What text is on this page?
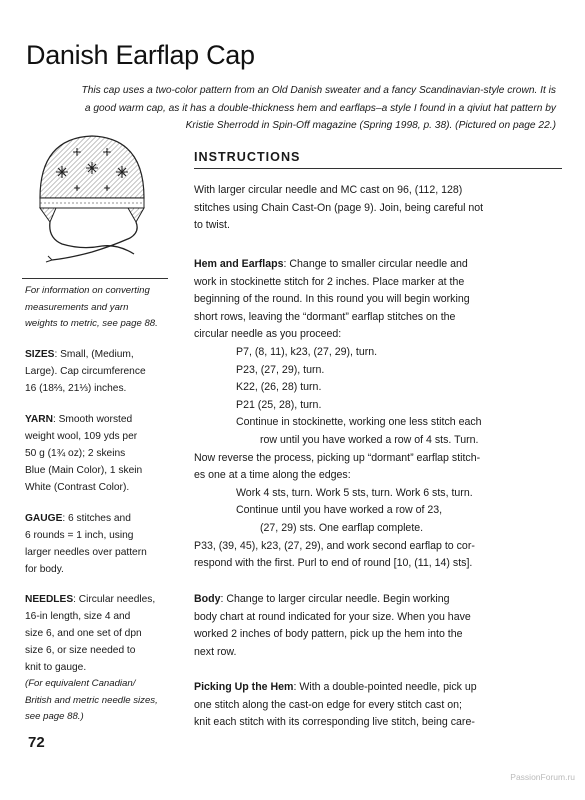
Danish Earflap Cap
This cap uses a two-color pattern from an Old Danish sweater and a fancy Scandinavian-style crown. It is
a good warm cap, as it has a double-thickness hem and earflaps–a style I found in a qiviut hat pattern by
Kristie Sherrodd in Spin-Off magazine (Spring 1998, p. 38). (Pictured on page 22.)
For information on converting
measurements and yarn
weights to metric, see page 88.
SIZES: Small, (Medium,
Large). Cap circumference
16 (18⅔, 21⅓) inches.
YARN: Smooth worsted
weight wool, 109 yds per
50 g (1¾ oz); 2 skeins
Blue (Main Color), 1 skein
White (Contrast Color).
GAUGE: 6 stitches and
6 rounds = 1 inch, using
larger needles over pattern
for body.
NEEDLES: Circular needles,
16-in length, size 4 and
size 6, and one set of dpn
size 6, or size needed to
knit to gauge.
(For equivalent Canadian/
British and metric needle sizes,
see page 88.)
INSTRUCTIONS
With larger circular needle and MC cast on 96, (112, 128)
stitches using Chain Cast-On (page 9). Join, being careful not
to twist.
Hem and Earflaps: Change to smaller circular needle and
work in stockinette stitch for 2 inches. Place marker at the
beginning of the round. In this round you will begin working
short rows, leaving the “dormant” earflap stitches on the
circular needle as you proceed:
P7, (8, 11), k23, (27, 29), turn.
P23, (27, 29), turn.
K22, (26, 28) turn.
P21 (25, 28), turn.
Continue in stockinette, working one less stitch each
row until you have worked a row of 4 sts. Turn.
Now reverse the process, picking up “dormant” earflap stitch-
es one at a time along the edges:
Work 4 sts, turn. Work 5 sts, turn. Work 6 sts, turn.
Continue until you have worked a row of 23,
(27, 29) sts. One earflap complete.
P33, (39, 45), k23, (27, 29), and work second earflap to cor-
respond with the first. Purl to end of round [10, (11, 14) sts].
Body: Change to larger circular needle. Begin working
body chart at round indicated for your size. When you have
worked 2 inches of body pattern, pick up the hem into the
next row.
Picking Up the Hem: With a double-pointed needle, pick up
one stitch along the cast-on edge for every stitch cast on;
knit each stitch with its corresponding live stitch, being care-
72
PassionForum.ru
